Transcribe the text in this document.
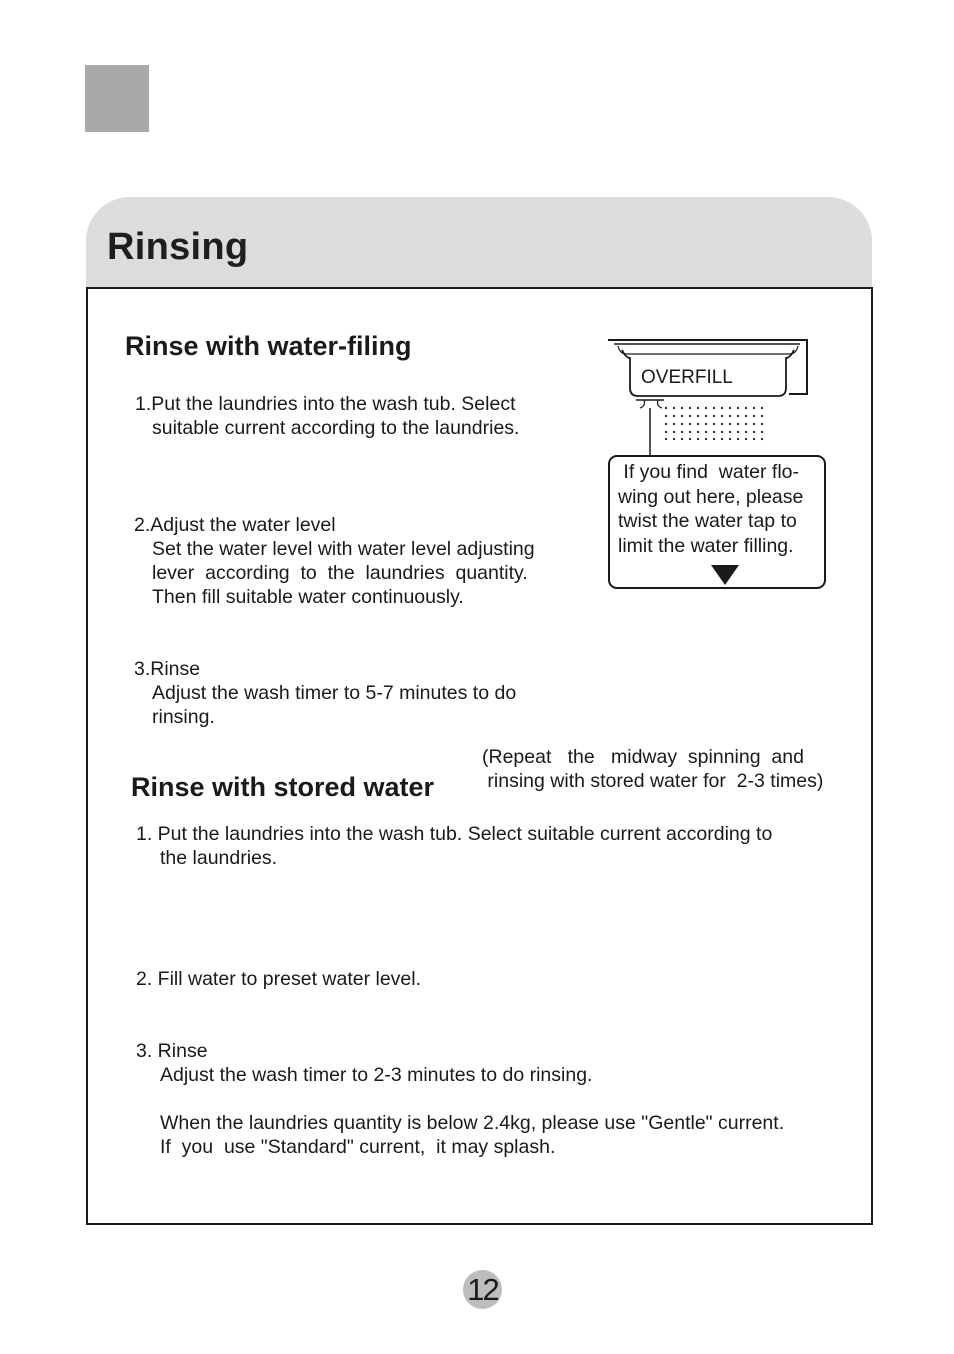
Rinsing
Rinse with water-filing
1.Put the laundries into the wash tub. Select
suitable current according to the laundries.
2.Adjust the water level
Set the water level with water level adjusting
lever  according  to  the  laundries  quantity.
Then fill suitable water continuously.
3.Rinse
Adjust the wash timer to 5-7 minutes to do
rinsing.
OVERFILL
If you find  water flo-
wing out here, please
twist the water tap to
limit the water filling.
Rinse with stored water
(Repeat   the   midway  spinning  and
rinsing with stored water for  2-3 times)
1. Put the laundries into the wash tub. Select suitable current according to
the laundries.
2. Fill water to preset water level.
3. Rinse
Adjust the wash timer to 2-3 minutes to do rinsing.
When the laundries quantity is below 2.4kg, please use "Gentle" current.
If  you  use "Standard" current,  it may splash.
12
